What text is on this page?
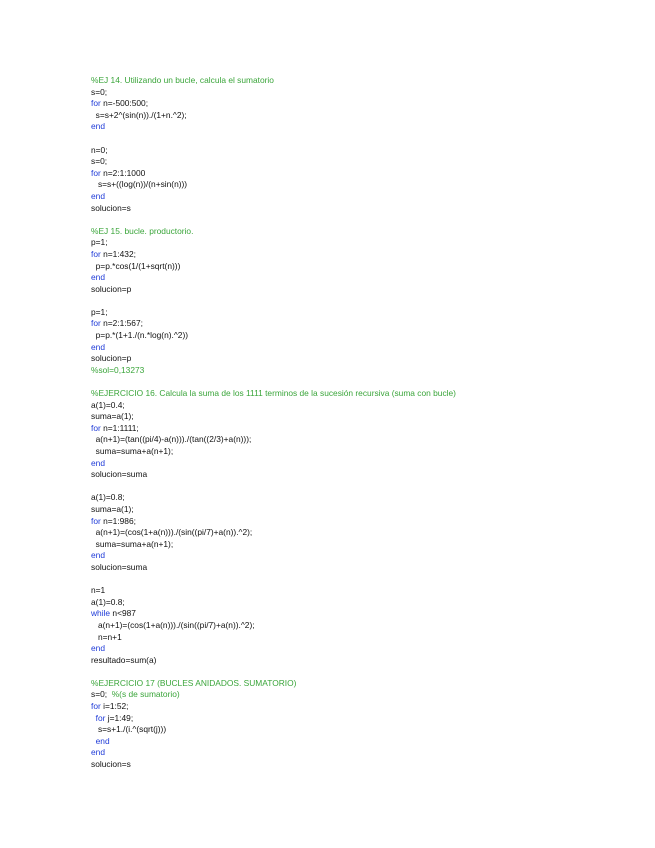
%EJ 14. Utilizando un bucle, calcula el sumatorio
s=0;
for n=-500:500;
s=s+2^(sin(n))./(1+n.^2);
end
n=0;
s=0;
for n=2:1:1000
s=s+((log(n))/(n+sin(n)))
end
solucion=s
%EJ 15. bucle. productorio.
p=1;
for n=1:432;
p=p.*cos(1/(1+sqrt(n)))
end
solucion=p
p=1;
for n=2:1:567;
p=p.*(1+1./(n.*log(n).^2))
end
solucion=p
%sol=0,13273
%EJERCICIO 16. Calcula la suma de los 1111 terminos de la sucesión recursiva (suma con bucle)
a(1)=0.4;
suma=a(1);
for n=1:1111;
a(n+1)=(tan((pi/4)-a(n)))./(tan((2/3)+a(n)));
suma=suma+a(n+1);
end
solucion=suma
a(1)=0.8;
suma=a(1);
for n=1:986;
a(n+1)=(cos(1+a(n)))./(sin((pi/7)+a(n)).^2);
suma=suma+a(n+1);
end
solucion=suma
n=1
a(1)=0.8;
while n<987
a(n+1)=(cos(1+a(n)))./(sin((pi/7)+a(n)).^2);
n=n+1
end
resultado=sum(a)
%EJERCICIO 17 (BUCLES ANIDADOS. SUMATORIO)
s=0;  %(s de sumatorio)
for i=1:52;
for j=1:49;
s=s+1./(i.^(sqrt(j)))
end
end
solucion=s
